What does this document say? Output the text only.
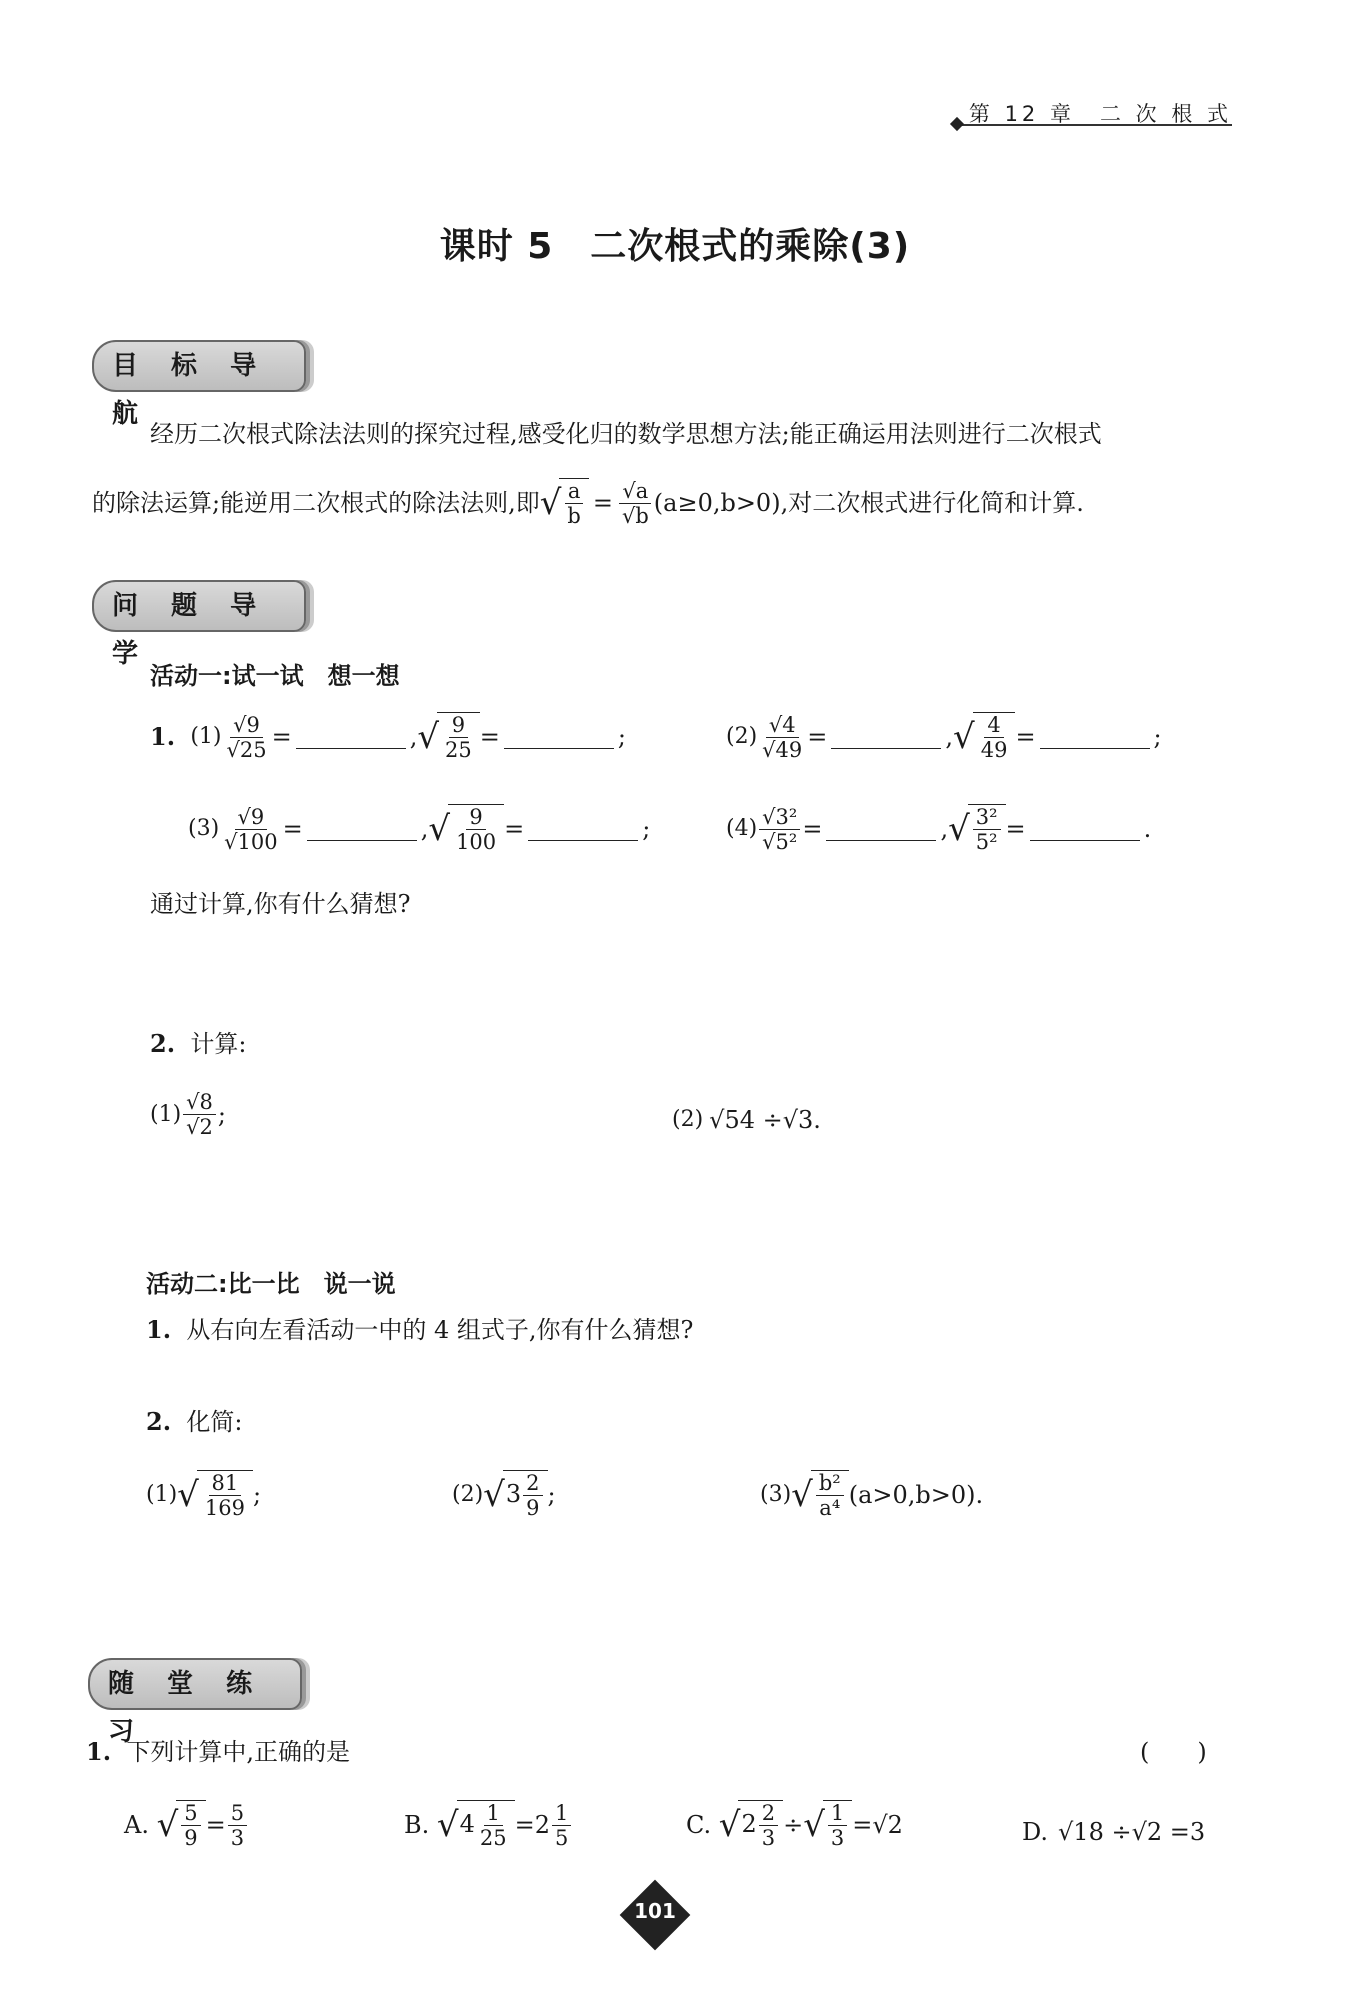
第 12 章　二 次 根 式
课时 5　二次根式的乘除(3)
目 标 导 航
经历二次根式除法法则的探究过程,感受化归的数学思想方法;能正确运用法则进行二次根式
的除法运算;能逆用二次根式的除法法则,即 √ $\frac{a}{b} = \frac{√a}{√b} (a\ge 0,b>0)$,对二次根式进行化简和计算.
问 题 导 学
活动一:试一试　想一想
1.
$(1) \frac{√9}{√25}$ =	, √ $\frac{9}{25}$ =	;	$(2) \frac{√4}{√49}$ =	, √ $\frac{4}{49}$ =	;
$(3) \frac{√9}{√100}$ =	, √ $\frac{9}{100}$ =	;	$(4) \frac{\text{√3²}}{\text{√5²}}$ =	, √ $\frac{\text{3²}}{\text{5²}}$ =	.
通过计算,你有什么猜想?
2. 计算:
$(1) \frac{√8}{√2}$ ;	(2) √54 ÷√3.
活动二:比一比　说一说
1. 从右向左看活动一中的 4 组式子,你有什么猜想?
2. 化简:
(1) √ $\frac{81}{169}$ ;	(2) √ $3 \frac{2}{9}$ ;	(3) √ $\frac{\text{b²}}{\text{a⁴}} (a>0,b>0)$.
随 堂 练 习
1. 下列计算中,正确的是	(　　)
A.
√ $\frac{5}{9} = \frac{5}{3}$	B.
√ $4 \frac{1}{25} =2 \frac{1}{5}$	C.
√ $2 \frac{2}{3}$ ÷ √ $\frac{1}{3} =√2$	D. √18 ÷√2 =3
101
